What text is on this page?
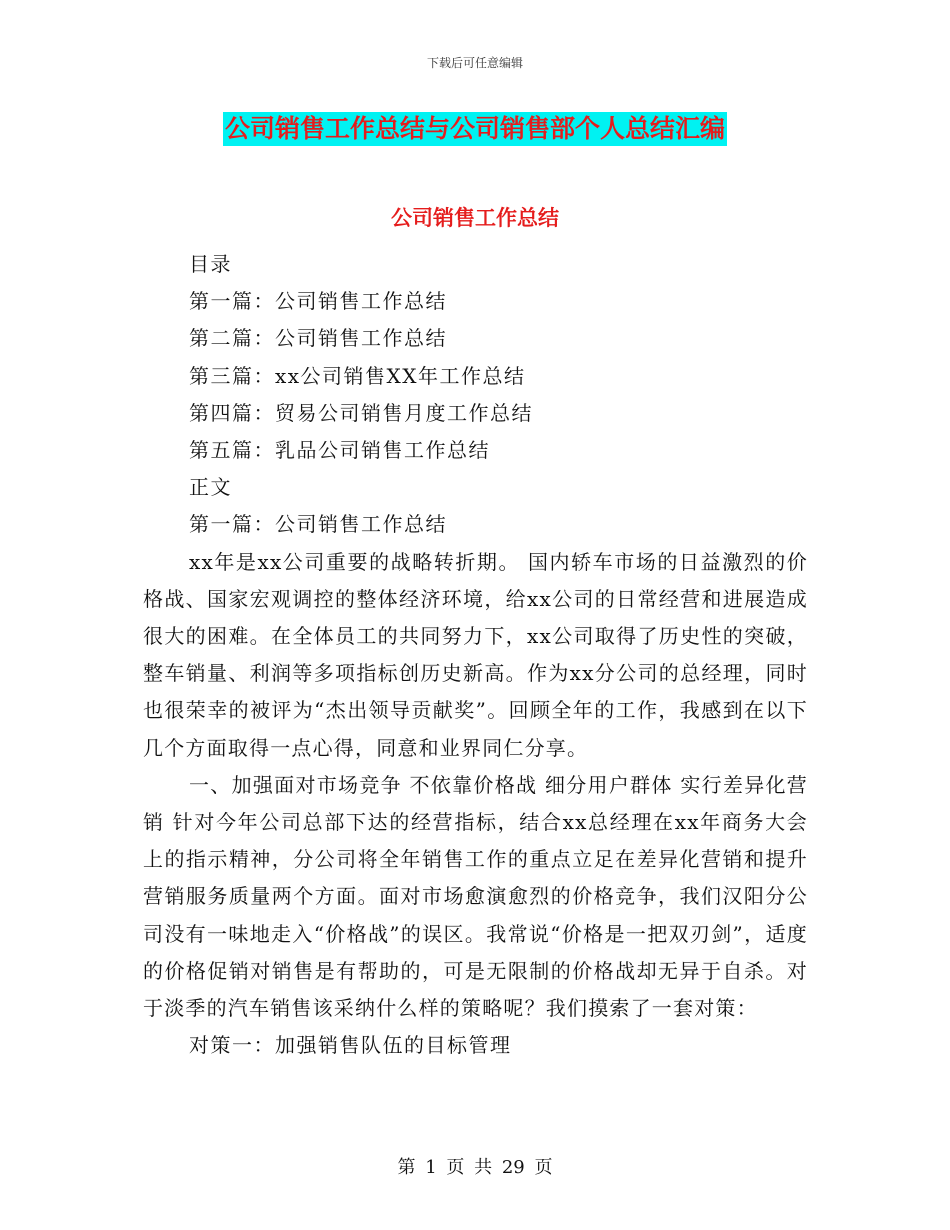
下载后可任意编辑
公司销售工作总结与公司销售部个人总结汇编
公司销售工作总结
目录
第一篇：公司销售工作总结
第二篇：公司销售工作总结
第三篇：xx公司销售XX年工作总结
第四篇：贸易公司销售月度工作总结
第五篇：乳品公司销售工作总结
正文
第一篇：公司销售工作总结

xx年是xx公司重要的战略转折期。 国内轿车市场的日益激烈的价格战、国家宏观调控的整体经济环境，给xx公司的日常经营和进展造成很大的困难。在全体员工的共同努力下，xx公司取得了历史性的突破，整车销量、利润等多项指标创历史新高。作为xx分公司的总经理，同时也很荣幸的被评为“杰出领导贡献奖”。回顾全年的工作，我感到在以下几个方面取得一点心得，同意和业界同仁分享。

一、加强面对市场竞争 不依靠价格战 细分用户群体 实行差异化营销 针对今年公司总部下达的经营指标，结合xx总经理在xx年商务大会上的指示精神，分公司将全年销售工作的重点立足在差异化营销和提升营销服务质量两个方面。面对市场愈演愈烈的价格竞争，我们汉阳分公司没有一味地走入“价格战”的误区。我常说“价格是一把双刃剑”，适度的价格促销对销售是有帮助的，可是无限制的价格战却无异于自杀。对于淡季的汽车销售该采纳什么样的策略呢？我们摸索了一套对策：

对策一：加强销售队伍的目标管理
第 1 页 共 29 页
